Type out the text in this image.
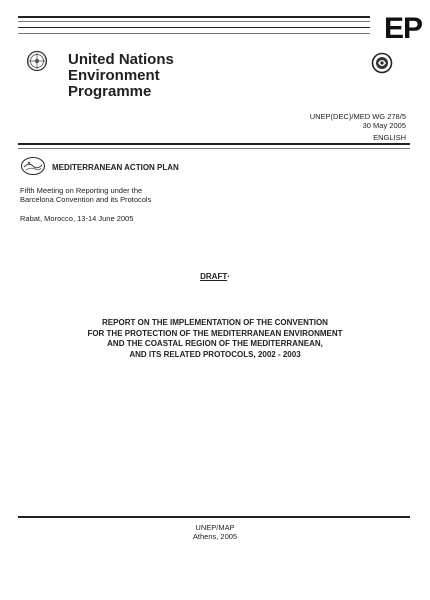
EP
United Nations
Environment
Programme
UNEP(DEC)/MED WG 278/5
30 May 2005
ENGLISH
MEDITERRANEAN ACTION PLAN
Fifth Meeting on Reporting under the
Barcelona Convention and its Protocols
Rabat, Morocco, 13-14 June 2005
DRAFT·
REPORT ON THE IMPLEMENTATION OF THE CONVENTION
FOR THE PROTECTION OF THE MEDITERRANEAN ENVIRONMENT
AND THE COASTAL REGION OF THE MEDITERRANEAN,
AND ITS RELATED PROTOCOLS, 2002 - 2003
UNEP/MAP
Athens, 2005
